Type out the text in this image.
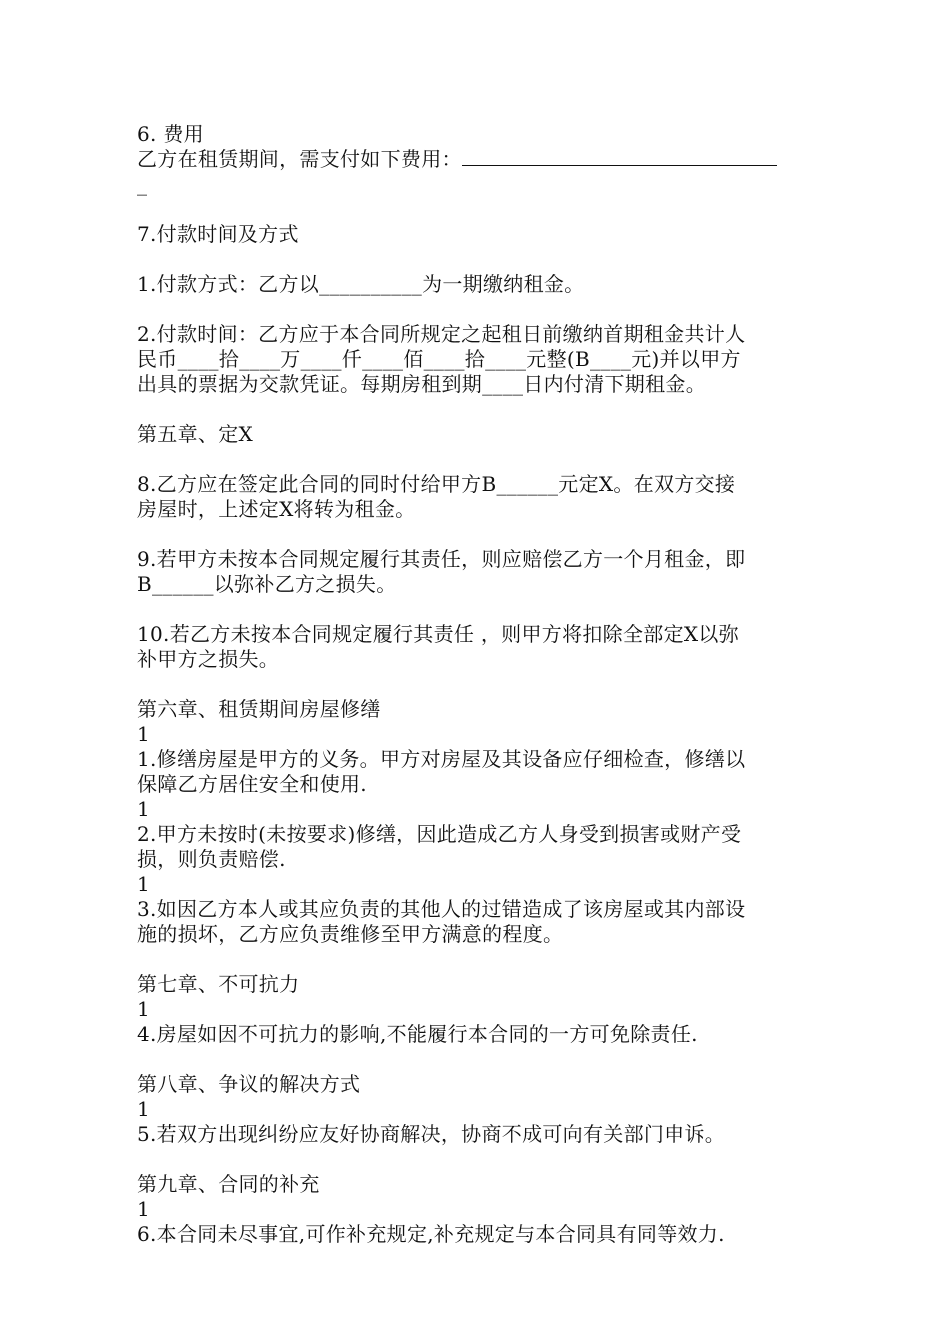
6. 费用
乙方在租赁期间，需支付如下费用：
_

7.付款时间及方式

1.付款方式：乙方以__________为一期缴纳租金。

2.付款时间：乙方应于本合同所规定之起租日前缴纳首期租金共计人
民币____拾____万____仟____佰____拾____元整(B____元)并以甲方
出具的票据为交款凭证。每期房租到期____日内付清下期租金。

第五章、定X

8.乙方应在签定此合同的同时付给甲方B______元定X。在双方交接
房屋时，上述定X将转为租金。

9.若甲方未按本合同规定履行其责任，则应赔偿乙方一个月租金，即
B______以弥补乙方之损失。

10.若乙方未按本合同规定履行其责任 ，则甲方将扣除全部定X以弥
补甲方之损失。

第六章、租赁期间房屋修缮
1
1.修缮房屋是甲方的义务。甲方对房屋及其设备应仔细检查，修缮以
保障乙方居住安全和使用.
1
2.甲方未按时(未按要求)修缮，因此造成乙方人身受到损害或财产受
损，则负责赔偿.
1
3.如因乙方本人或其应负责的其他人的过错造成了该房屋或其内部设
施的损坏，乙方应负责维修至甲方满意的程度。

第七章、不可抗力
1
4.房屋如因不可抗力的影响,不能履行本合同的一方可免除责任.

第八章、争议的解决方式
1
5.若双方出现纠纷应友好协商解决，协商不成可向有关部门申诉。

第九章、合同的补充
1
6.本合同未尽事宜,可作补充规定,补充规定与本合同具有同等效力.
